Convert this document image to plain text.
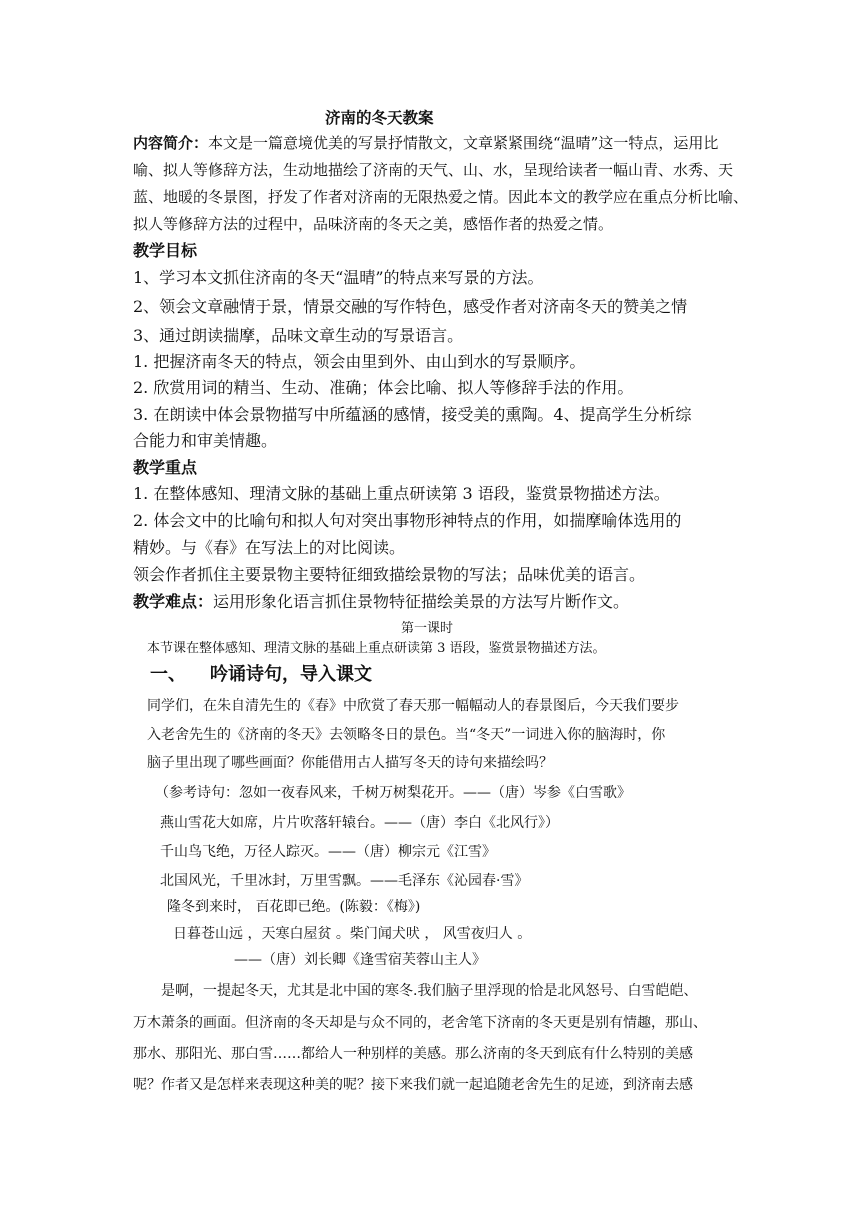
济南的冬天教案
内容简介：本文是一篇意境优美的写景抒情散文，文章紧紧围绕“温晴”这一特点，运用比
喻、拟人等修辞方法，生动地描绘了济南的天气、山、水，呈现给读者一幅山青、水秀、天
蓝、地暖的冬景图，抒发了作者对济南的无限热爱之情。因此本文的教学应在重点分析比喻、
拟人等修辞方法的过程中，品味济南的冬天之美，感悟作者的热爱之情。
教学目标
1、学习本文抓住济南的冬天“温晴”的特点来写景的方法。
2、领会文章融情于景，情景交融的写作特色，感受作者对济南冬天的赞美之情
3、通过朗读揣摩，品味文章生动的写景语言。
1. 把握济南冬天的特点，领会由里到外、由山到水的写景顺序。
2. 欣赏用词的精当、生动、准确；体会比喻、拟人等修辞手法的作用。
3. 在朗读中体会景物描写中所蕴涵的感情，接受美的熏陶。4、提高学生分析综
合能力和审美情趣。
教学重点
1. 在整体感知、理清文脉的基础上重点研读第 3 语段，鉴赏景物描述方法。
2. 体会文中的比喻句和拟人句对突出事物形神特点的作用，如揣摩喻体选用的
精妙。与《春》在写法上的对比阅读。
领会作者抓住主要景物主要特征细致描绘景物的写法；品味优美的语言。
教学难点：运用形象化语言抓住景物特征描绘美景的方法写片断作文。
第一课时
本节课在整体感知、理清文脉的基础上重点研读第 3 语段，鉴赏景物描述方法。
一、 吟诵诗句，导入课文
同学们，在朱自清先生的《春》中欣赏了春天那一幅幅动人的春景图后，今天我们要步
入老舍先生的《济南的冬天》去领略冬日的景色。当“冬天”一词进入你的脑海时，你
脑子里出现了哪些画面？你能借用古人描写冬天的诗句来描绘吗？
（参考诗句：忽如一夜春风来，千树万树梨花开。——（唐）岑参《白雪歌》
燕山雪花大如席，片片吹落轩辕台。——（唐）李白《北风行》）
千山鸟飞绝，万径人踪灭。——（唐）柳宗元《江雪》
北国风光，千里冰封，万里雪飘。——毛泽东《沁园春·雪》
隆冬到来时， 百花即已绝。(陈毅：《梅》)
日暮苍山远 ，天寒白屋贫 。柴门闻犬吠 ， 风雪夜归人 。
——（唐）刘长卿《逢雪宿芙蓉山主人》
是啊，一提起冬天，尤其是北中国的寒冬.我们脑子里浮现的恰是北风怒号、白雪皑皑、
万木萧条的画面。但济南的冬天却是与众不同的，老舍笔下济南的冬天更是别有情趣，那山、
那水、那阳光、那白雪……都给人一种别样的美感。那么济南的冬天到底有什么特别的美感
呢？作者又是怎样来表现这种美的呢？接下来我们就一起追随老舍先生的足迹，到济南去感
